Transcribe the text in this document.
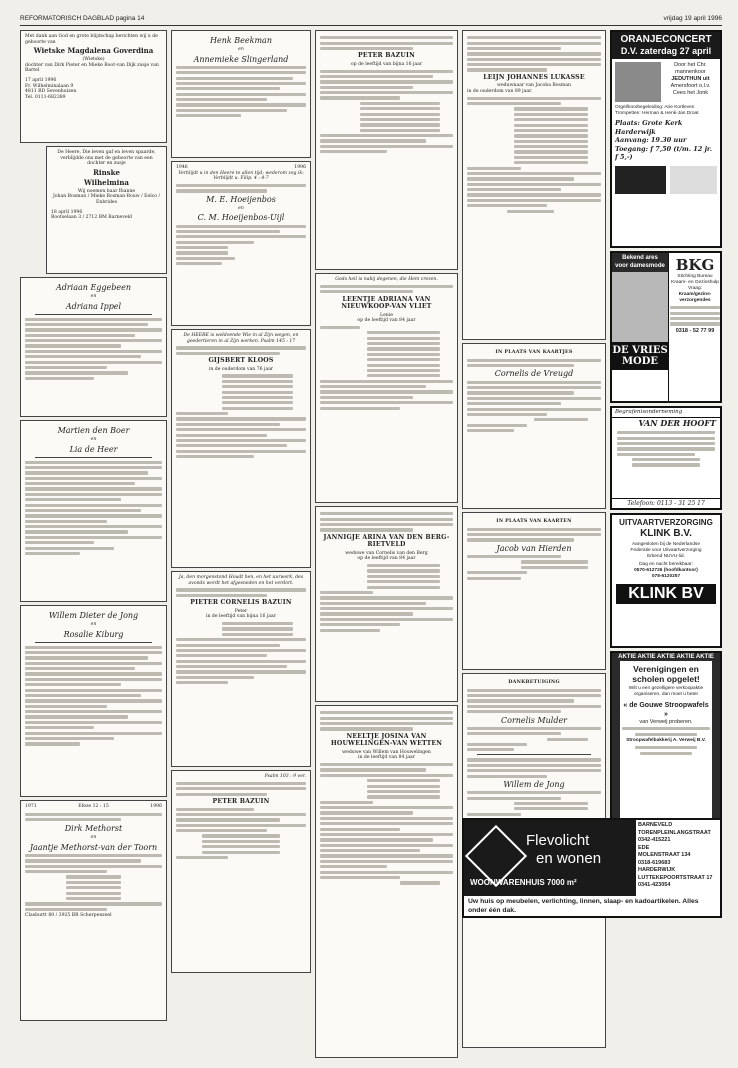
REFORMATORISCH DAGBLAD pagina 14	vrijdag 19 april 1996
Met dank aan God en grote blijdschap berichten wij u de geboorte van
Wietske Magdalena Goverdina
(Wietske)
dochter van Dirk Pieter en Mieke Boot-van Dijk zusje van Bartel
17 april 1996
Fr. Wilhelminalaan 9
4811 BD Sevenhuizen
Tel. 0111-682389
De Heere, Die leven gaf en leven spaarde, verblijdde ons met de geboorte van een dochter en zusje
Rinske
Wilhelmina
Wij noemen haar Rianne
Johan Bosman / Mieke Bosman-Bouw / Eelco / Enbrides
18 april 1996
Bootselaan 3 / 2712 BM Barneveld
Adriaan Eggebeen
en
Adriana Ippel
Martien den Boer
en
Lia de Heer
Willem Dieter de Jong
en
Rosalie Kiburg
1971	Efeze 12 : 15	1996
Dirk Methorst
en
Jaantje Methorst-van der Toorn
Clasburtt 80 / 3925 BR Scherpenzeel
Henk Beekman
en
Annemieke Slingerland
1946	1996
Verblijdt u in den Heere te allen tijd; wederom zeg ik: Verblijdt u. Filip. 4 : 4-7
M. E. Hoeijenbos
en
C. M. Hoeijenbos-Uijl
De HEERE is weldoende Wie in al Zijn wegen, en goedertieren in al Zijn werken. Psalm 145 : 17
GIJSBERT KLOOS
in de ouderdom van 76 jaar
Ja, den morgenstond Houdt hen, en het uurwerk, des avonds wordt het afgesneden en het verdort.
PIETER CORNELIS BAZUIN
Peter
in de leeftijd van bijna 16 jaar
Psalm 103 : 9 ver.
PETER BAZUIN
PETER BAZUIN
op de leeftijd van bijna 16 jaar
Gods heil is nabij degenen, die Hem vrezen.
LEENTJE ADRIANA VAN NIEUWKOOP-VAN VLIET
Lenie
op de leeftijd van 84 jaar
JANNIGJE ARINA VAN DEN BERG-RIETVELD
weduwe van Cornelis van den Berg
op de leeftijd van 84 jaar
NEELTJE JOSINA VAN HOUWELINGEN-VAN WETTEN
weduwe van Willem van Houwelingen
in de leeftijd van 84 jaar
LEIJN JOHANNES LUKASSE
weduwnaar van Jacoba Bosman
in de ouderdom van 89 jaar.
IN PLAATS VAN KAARTJES
Cornelis de Vreugd
IN PLAATS VAN KAARTEN
Jacob van Hierden
DANKBETUIGING
Cornelis Mulder
Willem de Jong
ORANJECONCERT
D.V. zaterdag 27 april
Door het Chr. mannenkoor
JEDUTHUN uit
Amersfoort o.l.v.
Cees het Jonk
Orgel/koorbegeleiding: Arie Kortleven
Trompetten: Herman & Henk-Jan Droat
Plaats: Grote Kerk Harderwijk
Aanvang: 19.30 uur
Toegang: f 7,50 (t/m. 12 jr. f 5,-)
Bekend ares
voor damesmode
DE VRIES
MODE
BKG
Stichting Bureau
Kraam- en Gezinshulp
Vraag:
Kraam/gezins-verzorgendes
0318 - 52 77 99
Begrafenisonderneming
VAN DER HOOFT
Telefoon: 0113 - 31 25 17
UITVAARTVERZORGING
KLINK B.V.
Aangesloten bij de Nederlandse
Federatie voor Uitvaartverzorging
Erkend NUVU-lid.
Dag en nacht bereikbaar:
0570-612726 (hoofdkantoor)
078-6120257
KLINK BV
AKTIE AKTIE AKTIE AKTIE AKTIE
Verenigingen en
scholen opgelet!
Wilt u een gezelligere verkoopaktie organiseren, dan moet u beter
« de Gouwe Stroopwafels »
van Verweij proberen.
Stroopwafelbakkerij A. Verweij B.V.
Flevolicht
en wonen
WOONWARENHUIS 7000 m²
BARNEVELD
TORENPLEINLANGSTRAAT
0342-415221
EDE
MOLENSTRAAT 134
0318-619683
HARDERWIJK
LUTTEKEPOORTSTRAAT 17
0341-423054
Uw huis op meubelen, verlichting, linnen, slaap- en kadoartikelen. Alles onder één dak.
